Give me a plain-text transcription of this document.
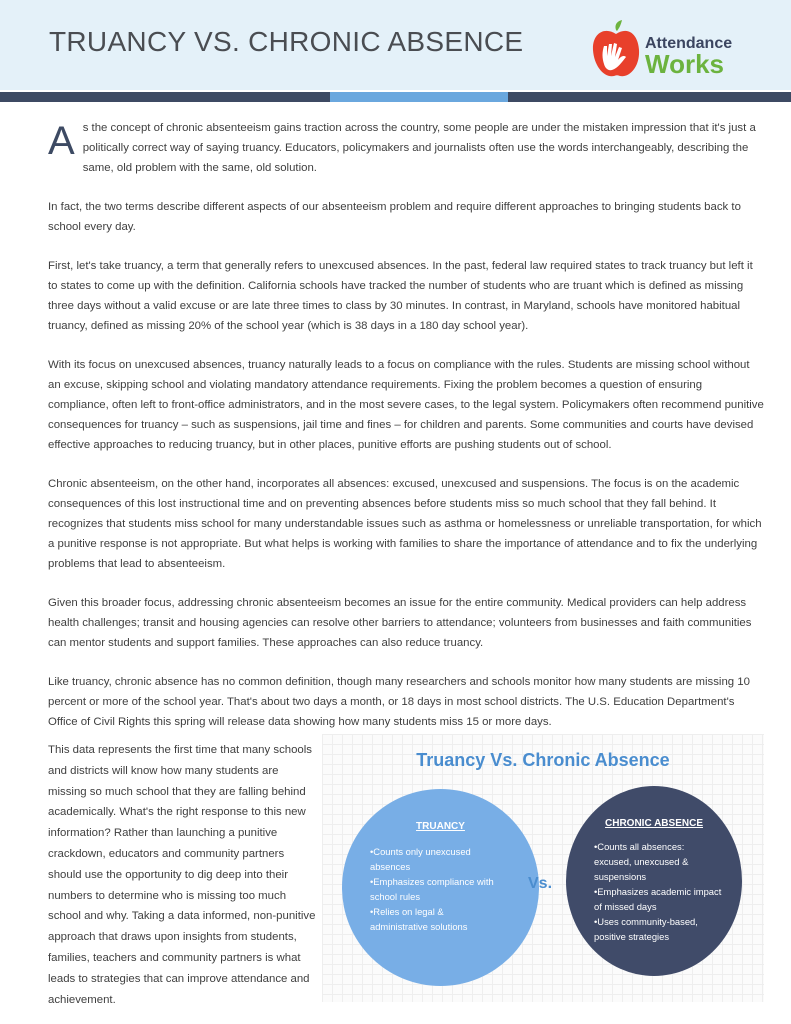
TRUANCY VS. CHRONIC ABSENCE	Attendance
Works

As the concept of chronic absenteeism gains traction across the country, some people are under the mistaken impression that it's just a politically correct way of saying truancy. Educators, policymakers and journalists often use the words interchangeably, describing the same, old problem with the same, old solution.

In fact, the two terms describe different aspects of our absenteeism problem and require different approaches to bringing students back to school every day.

First, let's take truancy, a term that generally refers to unexcused absences. In the past, federal law required states to track truancy but left it to states to come up with the definition. California schools have tracked the number of students who are truant which is defined as missing three days without a valid excuse or are late three times to class by 30 minutes. In contrast, in Maryland, schools have monitored habitual truancy, defined as missing 20% of the school year (which is 38 days in a 180 day school year).

With its focus on unexcused absences, truancy naturally leads to a focus on compliance with the rules. Students are missing school without an excuse, skipping school and violating mandatory attendance requirements. Fixing the problem becomes a question of ensuring compliance, often left to front-office administrators, and in the most severe cases, to the legal system. Policymakers often recommend punitive consequences for truancy – such as suspensions, jail time and fines – for children and parents. Some communities and courts have devised effective approaches to reducing truancy, but in other places, punitive efforts are pushing students out of school.

Chronic absenteeism, on the other hand, incorporates all absences: excused, unexcused and suspensions. The focus is on the academic consequences of this lost instructional time and on preventing absences before students miss so much school that they fall behind. It recognizes that students miss school for many understandable issues such as asthma or homelessness or unreliable transportation, for which a punitive response is not appropriate. But what helps is working with families to share the importance of attendance and to fix the underlying problems that lead to absenteeism.

Given this broader focus, addressing chronic absenteeism becomes an issue for the entire community. Medical providers can help address health challenges; transit and housing agencies can resolve other barriers to attendance; volunteers from businesses and faith communities can mentor students and support families. These approaches can also reduce truancy.

Like truancy, chronic absence has no common definition, though many researchers and schools monitor how many students are missing 10 percent or more of the school year. That's about two days a month, or 18 days in most school districts. The U.S. Education Department's Office of Civil Rights this spring will release data showing how many students miss 15 or more days.

This data represents the first time that many schools and districts will know how many students are missing so much school that they are falling behind academically. What's the right response to this new information? Rather than launching a punitive crackdown, educators and community partners should use the opportunity to dig deep into their numbers to determine who is missing too much school and why. Taking a data informed, non-punitive approach that draws upon insights from students, families, teachers and community partners is what leads to strategies that can improve attendance and achievement.

Truancy Vs. Chronic Absence
TRUANCY
• Counts only unexcused absences
• Emphasizes compliance with school rules
• Relies on legal & administrative solutions
Vs.
CHRONIC ABSENCE
• Counts all absences: excused, unexcused & suspensions
• Emphasizes academic impact of missed days
• Uses community-based, positive strategies
